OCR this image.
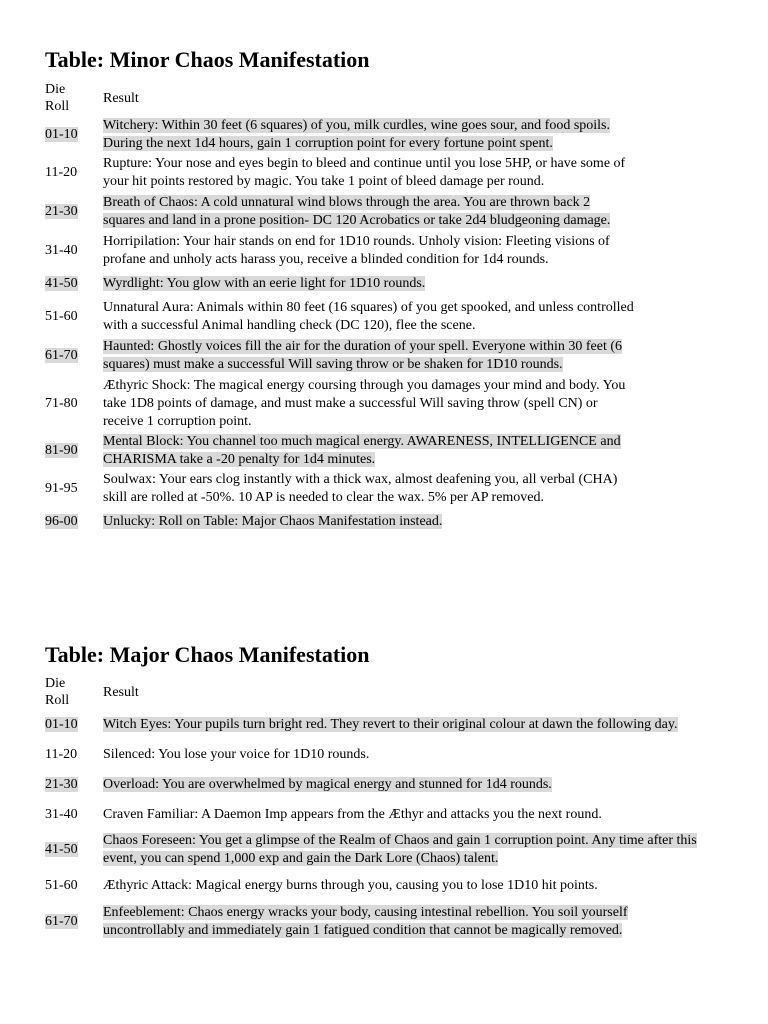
Table: Minor Chaos Manifestation
Die Roll
Result
01-10
Witchery: Within 30 feet (6 squares) of you, milk curdles, wine goes sour, and food spoils.
During the next 1d4 hours, gain 1 corruption point for every fortune point spent.
11-20
Rupture: Your nose and eyes begin to bleed and continue until you lose 5HP, or have some of
your hit points restored by magic. You take 1 point of bleed damage per round.
21-30
Breath of Chaos: A cold unnatural wind blows through the area. You are thrown back 2
squares and land in a prone position- DC 120 Acrobatics or take 2d4 bludgeoning damage.
31-40
Horripilation: Your hair stands on end for 1D10 rounds. Unholy vision: Fleeting visions of
profane and unholy acts harass you, receive a blinded condition for 1d4 rounds.
41-50	Wyrdlight: You glow with an eerie light for 1D10 rounds.
51-60
Unnatural Aura: Animals within 80 feet (16 squares) of you get spooked, and unless controlled
with a successful Animal handling check (DC 120), flee the scene.
61-70
Haunted: Ghostly voices fill the air for the duration of your spell. Everyone within 30 feet (6
squares) must make a successful Will saving throw or be shaken for 1D10 rounds.
71-80
Æthyric Shock: The magical energy coursing through you damages your mind and body. You
take 1D8 points of damage, and must make a successful Will saving throw (spell CN) or
receive 1 corruption point.
81-90
Mental Block: You channel too much magical energy. AWARENESS, INTELLIGENCE and
CHARISMA take a -20 penalty for 1d4 minutes.
91-95
Soulwax: Your ears clog instantly with a thick wax, almost deafening you, all verbal (CHA)
skill are rolled at -50%. 10 AP is needed to clear the wax. 5% per AP removed.
96-00	Unlucky: Roll on Table: Major Chaos Manifestation instead.
Table: Major Chaos Manifestation
Die Roll
Result
01-10	Witch Eyes: Your pupils turn bright red. They revert to their original colour at dawn the following day.
11-20	Silenced: You lose your voice for 1D10 rounds.
21-30	Overload: You are overwhelmed by magical energy and stunned for 1d4 rounds.
31-40	Craven Familiar: A Daemon Imp appears from the Æthyr and attacks you the next round.
41-50
Chaos Foreseen: You get a glimpse of the Realm of Chaos and gain 1 corruption point. Any time after this
event, you can spend 1,000 exp and gain the Dark Lore (Chaos) talent.
51-60	Æthyric Attack: Magical energy burns through you, causing you to lose 1D10 hit points.
61-70
Enfeeblement: Chaos energy wracks your body, causing intestinal rebellion. You soil yourself
uncontrollably and immediately gain 1 fatigued condition that cannot be magically removed.
